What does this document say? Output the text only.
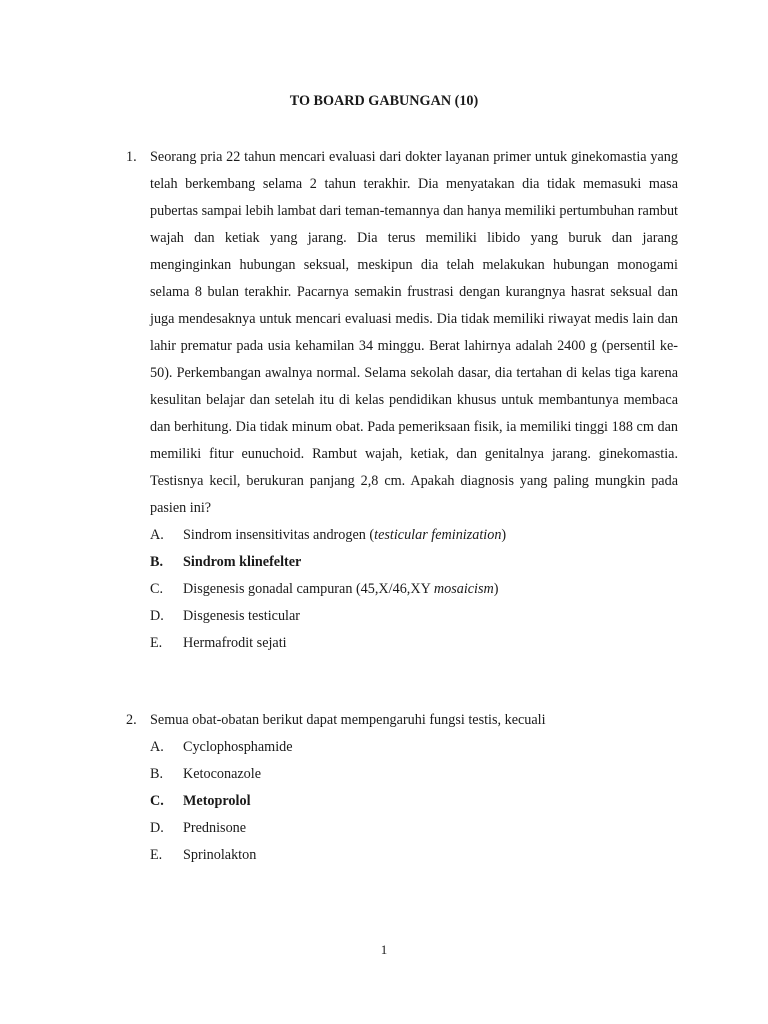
TO BOARD GABUNGAN (10)
1. Seorang pria 22 tahun mencari evaluasi dari dokter layanan primer untuk ginekomastia yang telah berkembang selama 2 tahun terakhir. Dia menyatakan dia tidak memasuki masa pubertas sampai lebih lambat dari teman-temannya dan hanya memiliki pertumbuhan rambut wajah dan ketiak yang jarang. Dia terus memiliki libido yang buruk dan jarang menginginkan hubungan seksual, meskipun dia telah melakukan hubungan monogami selama 8 bulan terakhir. Pacarnya semakin frustrasi dengan kurangnya hasrat seksual dan juga mendesaknya untuk mencari evaluasi medis. Dia tidak memiliki riwayat medis lain dan lahir prematur pada usia kehamilan 34 minggu. Berat lahirnya adalah 2400 g (persentil ke-50). Perkembangan awalnya normal. Selama sekolah dasar, dia tertahan di kelas tiga karena kesulitan belajar dan setelah itu di kelas pendidikan khusus untuk membantunya membaca dan berhitung. Dia tidak minum obat. Pada pemeriksaan fisik, ia memiliki tinggi 188 cm dan memiliki fitur eunuchoid. Rambut wajah, ketiak, dan genitalnya jarang. ginekomastia. Testisnya kecil, berukuran panjang 2,8 cm. Apakah diagnosis yang paling mungkin pada pasien ini?

A.	Sindrom insensitivitas androgen (testicular feminization)
B.	Sindrom klinefelter
C.	Disgenesis gonadal campuran (45,X/46,XY mosaicism)
D.	Disgenesis testicular
E.	Hermafrodit sejati
2. Semua obat-obatan berikut dapat mempengaruhi fungsi testis, kecuali

A.	Cyclophosphamide
B.	Ketoconazole
C.	Metoprolol
D.	Prednisone
E.	Sprinolakton
1
